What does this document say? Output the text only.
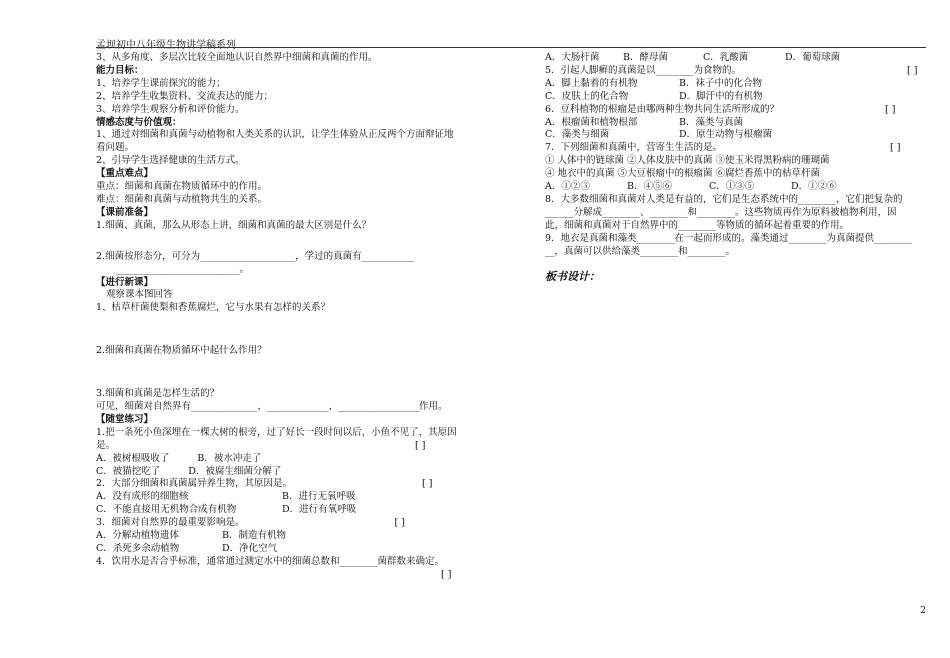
孟坝初中八年级生物讲学稿系列

3、从多角度、多层次比较全面地认识自然界中细菌和真菌的作用。

能力目标：

1、培养学生课前探究的能力；

2、培养学生收集资料、交流表达的能力；

3、培养学生观察分析和评价能力。

情感态度与价值观：

1、通过对细菌和真菌与动植物和人类关系的认识，让学生体验从正反两个方面辩证地

看问题。

2、引导学生选择健康的生活方式。

【重点难点】

重点：细菌和真菌在物质循环中的作用。

难点：细菌和真菌与动植物共生的关系。

【课前准备】

1.细菌、真菌，那么从形态上讲，细菌和真菌的最大区别是什么？

2.细菌按形态分，可分为____________________，学过的真菌有___________

__________________________。

【进行新课】

观察课本图回答

1、枯草杆菌使梨和香蕉腐烂，它与水果有怎样的关系？

2.细菌和真菌在物质循环中起什么作用？

3.细菌和真菌是怎样生活的？

可见，细菌对自然界有______________，_____________，_________________作用。

【随堂练习】

1.把一条死小鱼深埋在一棵大树的根旁，过了好长一段时间以后，小鱼不见了，其原因

是。	[ ]

A．被树根吸收了	B．被水冲走了

C．被猫挖吃了	D．被腐生细菌分解了

2．大部分细菌和真菌属异养生物，其原因是。	[ ]

A．没有成形的细胞核	B．进行无氧呼吸

C．不能直接用无机物合成有机物	D．进行有氧呼吸

3．细菌对自然界的最重要影响是。	[ ]

A．分解动植物遗体	B．制造有机物

C．杀死多余动植物	D．净化空气

4．饮用水是否合乎标准，通常通过测定水中的细菌总数和________菌群数来确定。

[ ]

A．大肠杆菌 B．酵母菌	C．乳酸菌	D．葡萄球菌

5．引起人脚癣的真菌是以________为食物的。	[ ]

A．脚上黏着的有机物	B．袜子中的化合物

C．皮肤上的化合物	D．脚汗中的有机物

6．豆科植物的根瘤是由哪两种生物共同生活所形成的？	[ ]

A．根瘤菌和植物根部	B．藻类与真菌

C．藻类与细菌	D．原生动物与根瘤菌

7．下列细菌和真菌中，营寄生生活的是。	[ ]

① 人体中的链球菌 ②人体皮肤中的真菌 ③使玉米得黑粉病的珊瑚菌

④ 地衣中的真菌 ⑤大豆根瘤中的根瘤菌 ⑥腐烂香蕉中的枯草杆菌

A．①②③	B．④⑤⑥	C．①③⑤	D．①②⑥

8．大多数细菌和真菌对人类是有益的，它们是生态系统中的________，它们把复杂的

______分解成________、________和________。这些物质再作为原料被植物利用，因

此，细菌和真菌对于自然界中的________等物质的循环起着重要的作用。

9．地衣是真菌和藻类________在一起而形成的。藻类通过________为真菌提供________

__，真菌可以供给藻类________和________。

板书设计：

2
